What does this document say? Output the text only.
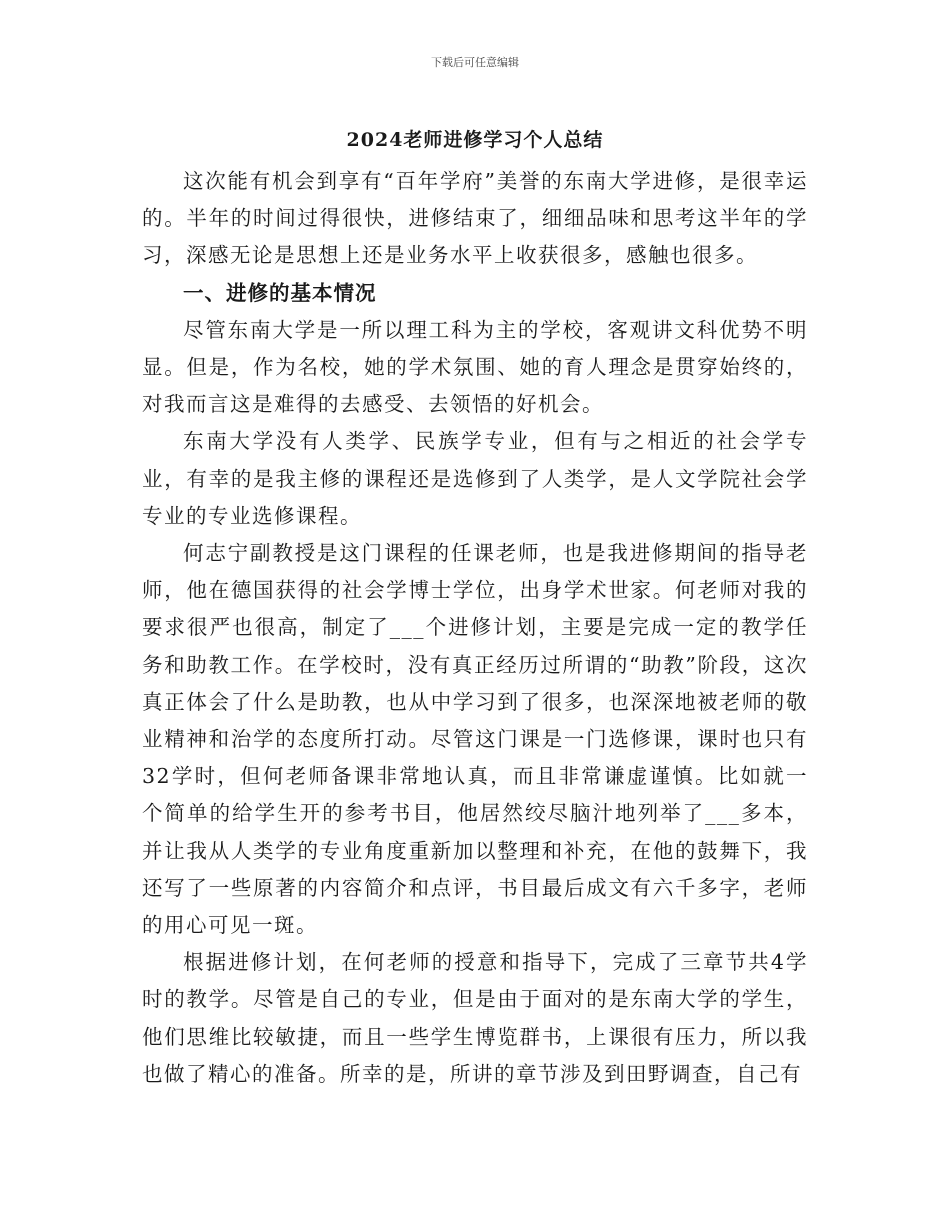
下载后可任意编辑
2024老师进修学习个人总结

这次能有机会到享有“百年学府”美誉的东南大学进修，是很幸运的。半年的时间过得很快，进修结束了，细细品味和思考这半年的学习，深感无论是思想上还是业务水平上收获很多，感触也很多。

一、进修的基本情况

尽管东南大学是一所以理工科为主的学校，客观讲文科优势不明显。但是，作为名校，她的学术氛围、她的育人理念是贯穿始终的，对我而言这是难得的去感受、去领悟的好机会。

东南大学没有人类学、民族学专业，但有与之相近的社会学专业，有幸的是我主修的课程还是选修到了人类学，是人文学院社会学专业的专业选修课程。

何志宁副教授是这门课程的任课老师，也是我进修期间的指导老师，他在德国获得的社会学博士学位，出身学术世家。何老师对我的要求很严也很高，制定了___个进修计划，主要是完成一定的教学任务和助教工作。在学校时，没有真正经历过所谓的“助教”阶段，这次真正体会了什么是助教，也从中学习到了很多，也深深地被老师的敬业精神和治学的态度所打动。尽管这门课是一门选修课，课时也只有32学时，但何老师备课非常地认真，而且非常谦虚谨慎。比如就一个简单的给学生开的参考书目，他居然绞尽脑汁地列举了___多本，并让我从人类学的专业角度重新加以整理和补充，在他的鼓舞下，我还写了一些原著的内容简介和点评，书目最后成文有六千多字，老师的用心可见一斑。

根据进修计划，在何老师的授意和指导下，完成了三章节共4学时的教学。尽管是自己的专业，但是由于面对的是东南大学的学生，他们思维比较敏捷，而且一些学生博览群书，上课很有压力，所以我也做了精心的准备。所幸的是，所讲的章节涉及到田野调查，自己有
